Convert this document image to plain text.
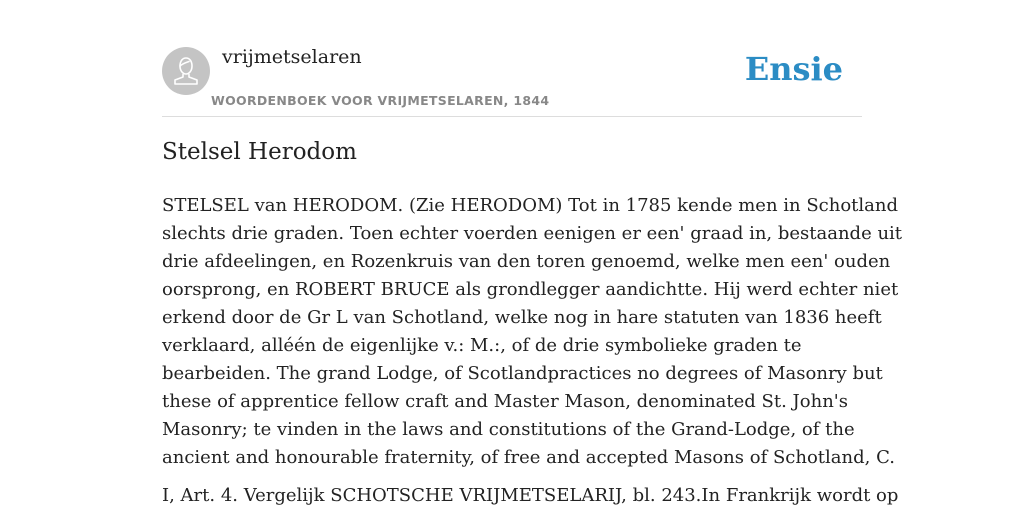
vrijmetselaren
WOORDENBOEK VOOR VRIJMETSELAREN, 1844
Ensie
Stelsel Herodom

STELSEL van HERODOM. (Zie HERODOM) Tot in 1785 kende men in Schotland
slechts drie graden. Toen echter voerden eenigen er een' graad in, bestaande uit
drie afdeelingen, en Rozenkruis van den toren genoemd, welke men een' ouden
oorsprong, en ROBERT BRUCE als grondlegger aandichtte. Hij werd echter niet
erkend door de Gr L van Schotland, welke nog in hare statuten van 1836 heeft
verklaard, alléén de eigenlijke v.: M.:, of de drie symbolieke graden te
bearbeiden. The grand Lodge, of Scotlandpractices no degrees of Masonry but
these of apprentice fellow craft and Master Mason, denominated St. John's
Masonry; te vinden in the laws and constitutions of the Grand-Lodge, of the
ancient and honourable fraternity, of free and accepted Masons of Schotland, C.

I, Art. 4. Vergelijk SCHOTSCHE VRIJMETSELARIJ, bl. 243.In Frankrijk wordt op
